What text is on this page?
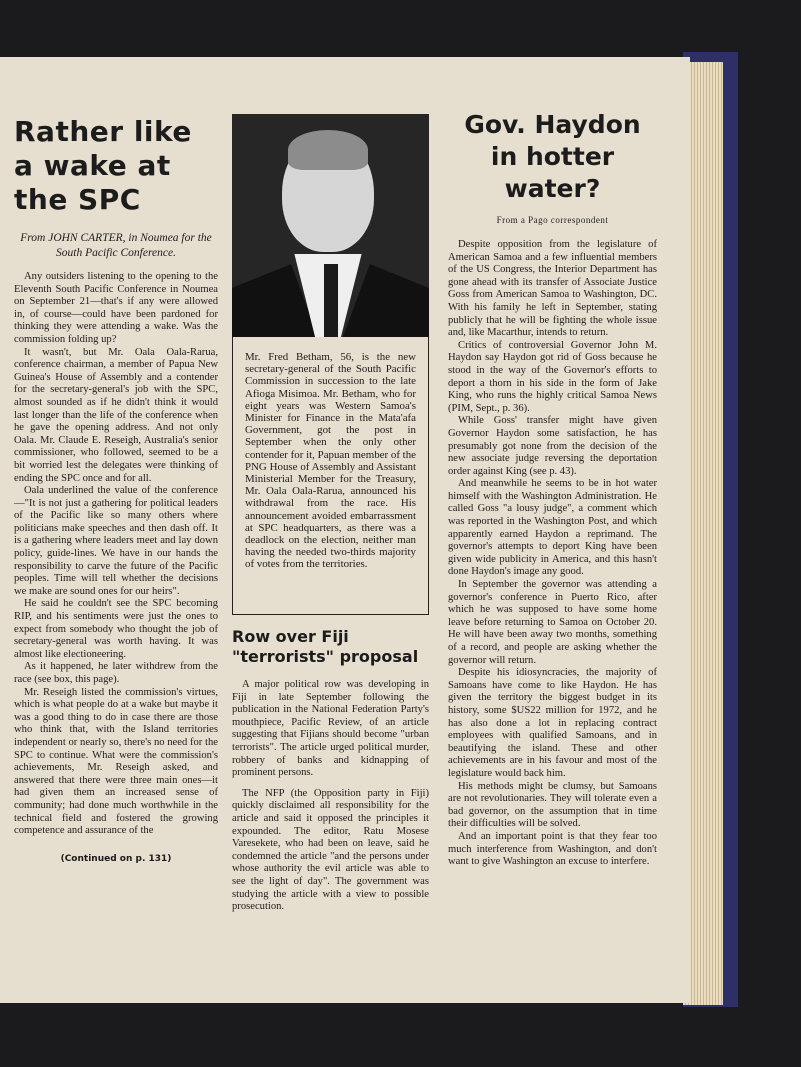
Rather like a wake at the SPC
From JOHN CARTER, in Noumea for the South Pacific Conference.

Any outsiders listening to the opening to the Eleventh South Pacific Conference in Noumea on September 21—that's if any were allowed in, of course—could have been pardoned for thinking they were attending a wake. Was the commission folding up?

It wasn't, but Mr. Oala Oala-Rarua, conference chairman, a member of Papua New Guinea's House of Assembly and a contender for the secretary-general's job with the SPC, almost sounded as if he didn't think it would last longer than the life of the conference when he gave the opening address. And not only Oala. Mr. Claude E. Reseigh, Australia's senior commissioner, who followed, seemed to be a bit worried lest the delegates were thinking of ending the SPC once and for all.

Oala underlined the value of the conference—"It is not just a gathering for political leaders of the Pacific like so many others where politicians make speeches and then dash off. It is a gathering where leaders meet and lay down policy, guide-lines. We have in our hands the responsibility to carve the future of the Pacific peoples. Time will tell whether the decisions we make are sound ones for our heirs".

He said he couldn't see the SPC becoming RIP, and his sentiments were just the ones to expect from somebody who thought the job of secretary-general was worth having. It was almost like electioneering.

As it happened, he later withdrew from the race (see box, this page).

Mr. Reseigh listed the commission's virtues, which is what people do at a wake but maybe it was a good thing to do in case there are those who think that, with the Island territories independent or nearly so, there's no need for the SPC to continue. What were the commission's achievements, Mr. Reseigh asked, and answered that there were three main ones—it had given them an increased sense of community; had done much worthwhile in the technical field and fostered the growing competence and assurance of the

(Continued on p. 131)
Mr. Fred Betham, 56, is the new secretary-general of the South Pacific Commission in succession to the late Afioga Misimoa. Mr. Betham, who for eight years was Western Samoa's Minister for Finance in the Mata'afa Government, got the post in September when the only other contender for it, Papuan member of the PNG House of Assembly and Assistant Ministerial Member for the Treasury, Mr. Oala Oala-Rarua, announced his withdrawal from the race. His announcement avoided embarrassment at SPC headquarters, as there was a deadlock on the election, neither man having the needed two-thirds majority of votes from the territories.
Row over Fiji "terrorists" proposal

A major political row was developing in Fiji in late September following the publication in the National Federation Party's mouthpiece, Pacific Review, of an article suggesting that Fijians should become "urban terrorists". The article urged political murder, robbery of banks and kidnapping of prominent persons.

The NFP (the Opposition party in Fiji) quickly disclaimed all responsibility for the article and said it opposed the principles it expounded. The editor, Ratu Mosese Varesekete, who had been on leave, said he condemned the article "and the persons under whose authority the evil article was able to see the light of day". The government was studying the article with a view to possible prosecution.

Gov. Haydon in hotter water?
From a Pago correspondent

Despite opposition from the legislature of American Samoa and a few influential members of the US Congress, the Interior Department has gone ahead with its transfer of Associate Justice Goss from American Samoa to Washington, DC. With his family he left in September, stating publicly that he will be fighting the whole issue and, like Macarthur, intends to return.

Critics of controversial Governor John M. Haydon say Haydon got rid of Goss because he stood in the way of the Governor's efforts to deport a thorn in his side in the form of Jake King, who runs the highly critical Samoa News (PIM, Sept., p. 36).

While Goss' transfer might have given Governor Haydon some satisfaction, he has presumably got none from the decision of the new associate judge reversing the deportation order against King (see p. 43).

And meanwhile he seems to be in hot water himself with the Washington Administration. He called Goss "a lousy judge", a comment which was reported in the Washington Post, and which apparently earned Haydon a reprimand. The governor's attempts to deport King have been given wide publicity in America, and this hasn't done Haydon's image any good.

In September the governor was attending a governor's conference in Puerto Rico, after which he was supposed to have some home leave before returning to Samoa on October 20. He will have been away two months, something of a record, and people are asking whether the governor will return.

Despite his idiosyncracies, the majority of Samoans have come to like Haydon. He has given the territory the biggest budget in its history, some $US22 million for 1972, and he has also done a lot in replacing contract employees with qualified Samoans, and in beautifying the island. These and other achievements are in his favour and most of the legislature would back him.

His methods might be clumsy, but Samoans are not revolutionaries. They will tolerate even a bad governor, on the assumption that in time their difficulties will be solved.

And an important point is that they fear too much interference from Washington, and don't want to give Washington an excuse to interfere.

PACIFIC ISLANDS MONTHLY—OCTOBER, 1971	27
